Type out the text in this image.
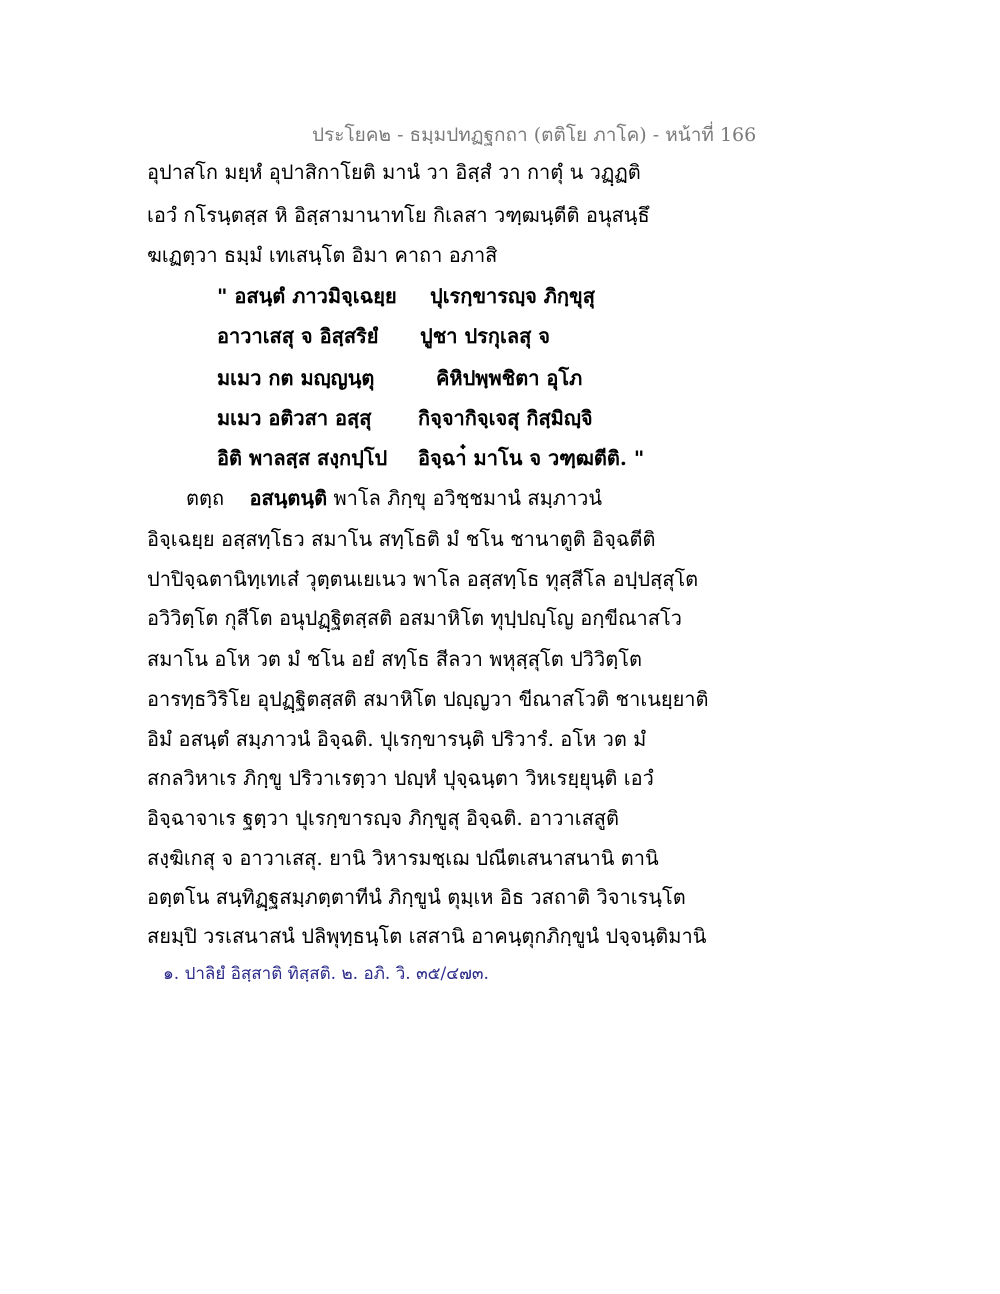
ประโยค๒ - ธมฺมปทฏฐกถา (ตติโย ภาโค) - หน้าที่ 166
อุปาสโก มยฺหํ อุปาสิกาโยติ มานํ วา อิสฺสํ วา กาตุํ น วฏฺฏติ
เอวํ กโรนฺตสฺส หิ อิสฺสามานาทโย กิเลสา วฑฺฒนฺตีติ อนุสนฺธึ
ฆเฏตฺวา ธมฺมํ เทเสนฺโต อิมา คาถา อภาสิ
" อสนฺตํ ภาวมิจฺเฉยฺย ปุเรกฺขารญฺจ ภิกฺขุสุ
อาวาเสสุ จ อิสฺสริยํ ปูชา ปรกุเลสุ จ
มเมว กต มญฺญนฺตุ	คิหิปพฺพชิตา อุโภ
มเมว อติวสา อสฺสุ กิจฺจากิจฺเจสุ กิสฺมิญฺจิ
อิติ พาลสฺส สงฺกปฺโป อิจฺฉา๋ มาโน จ วฑฺฒตีติ. "
ตตฺถ อสนฺตนฺติ พาโล ภิกฺขุ อวิชฺชมานํ สมฺภาวนํ
อิจฺเฉยฺย อสฺสทฺโธว สมาโน สทฺโธติ มํ ชโน ชานาตูติ อิจฺฉตีติ
ปาปิจฺฉตานิทฺเทเส๋ วุตฺตนเยเนว พาโล อสฺสทฺโธ ทุสฺสีโล อปฺปสฺสุโต
อวิวิตฺโต กุสีโต อนุปฏฺฐิตสฺสติ อสมาหิโต ทุปฺปญฺโญ อกฺขีณาสโว
สมาโน อโห วต มํ ชโน อยํ สทฺโธ สีลวา พหุสฺสุโต ปวิวิตฺโต
อารทฺธวิริโย อุปฏฺฐิตสฺสติ สมาหิโต ปญฺญวา ขีณาสโวติ ชาเนยฺยาติ
อิมํ อสนฺตํ สมฺภาวนํ อิจฺฉติ. ปุเรกฺขารนฺติ ปริวารํ. อโห วต มํ
สกลวิหาเร ภิกฺขู ปริวาเรตฺวา ปญฺหํ ปุจฺฉนฺตา วิหเรยฺยุนฺติ เอวํ
อิจฺฉาจาเร ฐตฺวา ปุเรกฺขารญฺจ ภิกฺขูสุ อิจฺฉติ. อาวาเสสูติ
สงฺฆิเกสุ จ อาวาเสสุ. ยานิ วิหารมชฺเฌ ปณีตเสนาสนานิ ตานิ
อตฺตโน สนฺทิฏฺฐสมฺภตฺตาทีนํ ภิกฺขูนํ ตุมฺเห อิธ วสถาติ วิจาเรนฺโต
สยมฺปิ วรเสนาสนํ ปลิพุทฺธนฺโต เสสานิ อาคนฺตุกภิกฺขูนํ ปจฺจนฺติมานิ
๑. ปาลิยํ อิสฺสาติ ทิสฺสติ. ๒. อภิ. วิ. ๓๕/๔๗๓.
